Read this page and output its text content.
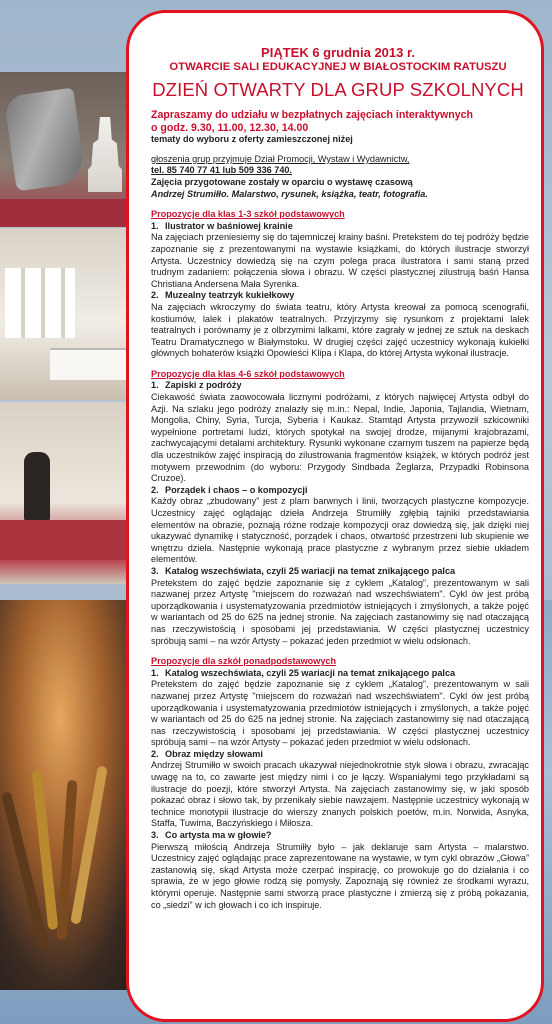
PIĄTEK 6 grudnia 2013 r.
OTWARCIE SALI EDUKACYJNEJ W BIAŁOSTOCKIM RATUSZU
DZIEŃ OTWARTY DLA GRUP SZKOLNYCH
Zapraszamy do udziału w bezpłatnych zajęciach interaktywnych
o godz. 9.30, 11.00, 12.30, 14.00
tematy do wyboru z oferty zamieszczonej niżej
głoszenia grup przyjmuje Dział Promocji, Wystaw i Wydawnictw,
tel. 85 740 77 41 lub 509 336 740.
Zajęcia przygotowane zostały w oparciu o wystawę czasową
Andrzej Strumiłło. Malarstwo, rysunek, książka, teatr, fotografia.
Propozycje dla klas 1-3 szkół podstawowych
1. Ilustrator w baśniowej krainie

Na zajęciach przeniesiemy się do tajemniczej krainy baśni. Pretekstem do tej podróży będzie zapoznanie się z prezentowanymi na wystawie książkami, do których ilustracje stworzył Artysta. Uczestnicy dowiedzą się na czym polega praca ilustratora i sami staną przed trudnym zadaniem: połączenia słowa i obrazu. W części plastycznej zilustrują baśń Hansa Christiana Andersena Mała Syrenka.

2. Muzealny teatrzyk kukiełkowy

Na zajęciach wkroczymy do świata teatru, który Artysta kreował za pomocą scenografii, kostiumów, lalek i plakatów teatralnych. Przyjrzymy się rysunkom z projektami lalek teatralnych i porównamy je z olbrzymimi lalkami, które zagrały w jednej ze sztuk na deskach Teatru Dramatycznego w Białymstoku. W drugiej części zajęć uczestnicy wykonają kukiełki głównych bohaterów książki Opowieści Klipa i Klapa, do której Artysta wykonał ilustracje.

Propozycje dla klas 4-6 szkół podstawowych
1. Zapiski z podróży

Ciekawość świata zaowocowała licznymi podróżami, z których najwięcej Artysta odbył do Azji. Na szlaku jego podróży znalazły się m.in.: Nepal, Indie, Japonia, Tajlandia, Wietnam, Mongolia, Chiny, Syria, Turcja, Syberia i Kaukaz. Stamtąd Artysta przywoził szkicowniki wypełnione portretami ludzi, których spotykał na swojej drodze, mijanymi krajobrazami, zachwycającymi detalami architektury. Rysunki wykonane czarnym tuszem na papierze będą dla uczestników zajęć inspiracją do zilustrowania fragmentów książek, w których podróż jest motywem przewodnim (do wyboru: Przygody Sindbada Żeglarza, Przypadki Robinsona Cruzoe).

2. Porządek i chaos – o kompozycji

Każdy obraz „zbudowany” jest z plam barwnych i linii, tworzących plastyczne kompozycje. Uczestnicy zajęć oglądając dzieła Andrzeja Strumiłły zgłębią tajniki przedstawiania elementów na obrazie, poznają różne rodzaje kompozycji oraz dowiedzą się, jak dzięki niej ukazywać dynamikę i statyczność, porządek i chaos, otwartość przestrzeni lub skupienie we wnętrzu dzieła. Następnie wykonają prace plastyczne z wybranym przez siebie układem elementów.

3. Katalog wszechświata, czyli 25 wariacji na temat znikającego palca

Pretekstem do zajęć będzie zapoznanie się z cyklem „Katalog”, prezentowanym w sali nazwanej przez Artystę "miejscem do rozważań nad wszechświatem". Cykl ów jest próbą uporządkowania i usystematyzowania przedmiotów istniejących i zmyślonych, a także pojęć w wariantach od 25 do 625 na jednej stronie. Na zajęciach zastanowimy się nad otaczającą nas rzeczywistością i sposobami jej przedstawiania. W części plastycznej uczestnicy spróbują sami – na wzór Artysty – pokazać jeden przedmiot w wielu odsłonach.

Propozycje dla szkół ponadpodstawowych
1. Katalog wszechświata, czyli 25 wariacji na temat znikającego palca

Pretekstem do zajęć będzie zapoznanie się z cyklem „Katalog”, prezentowanym w sali nazwanej przez Artystę "miejscem do rozważań nad wszechświatem". Cykl ów jest próbą uporządkowania i usystematyzowania przedmiotów istniejących i zmyślonych, a także pojęć w wariantach od 25 do 625 na jednej stronie. Na zajęciach zastanowimy się nad otaczającą nas rzeczywistością i sposobami jej przedstawiania. W części plastycznej uczestnicy spróbują sami – na wzór Artysty – pokazać jeden przedmiot w wielu odsłonach.

2. Obraz między słowami

Andrzej Strumiłło w swoich pracach ukazywał niejednokrotnie styk słowa i obrazu, zwracając uwagę na to, co zawarte jest między nimi i co je łączy. Wspaniałymi tego przykładami są ilustracje do poezji, które stworzył Artysta. Na zajęciach zastanowimy się, w jaki sposób pokazać obraz i słowo tak, by przenikały siebie nawzajem. Następnie uczestnicy wykonają w technice monotypii ilustracje do wierszy znanych polskich poetów, m.in. Norwida, Asnyka, Staffa, Tuwima, Baczyńskiego i Miłosza.

3. Co artysta ma w głowie?

Pierwszą miłością Andrzeja Strumiłły było – jak deklaruje sam Artysta – malarstwo. Uczestnicy zajęć oglądając prace zaprezentowane na wystawie, w tym cykl obrazów „Głowa” zastanowią się, skąd Artysta może czerpać inspirację, co prowokuje go do działania i co sprawia, że w jego głowie rodzą się pomysły. Zapoznają się również ze środkami wyrazu, którymi operuje. Następnie sami stworzą prace plastyczne i zmierzą się z próbą pokazania, co „siedzi” w ich głowach i co ich inspiruje.
